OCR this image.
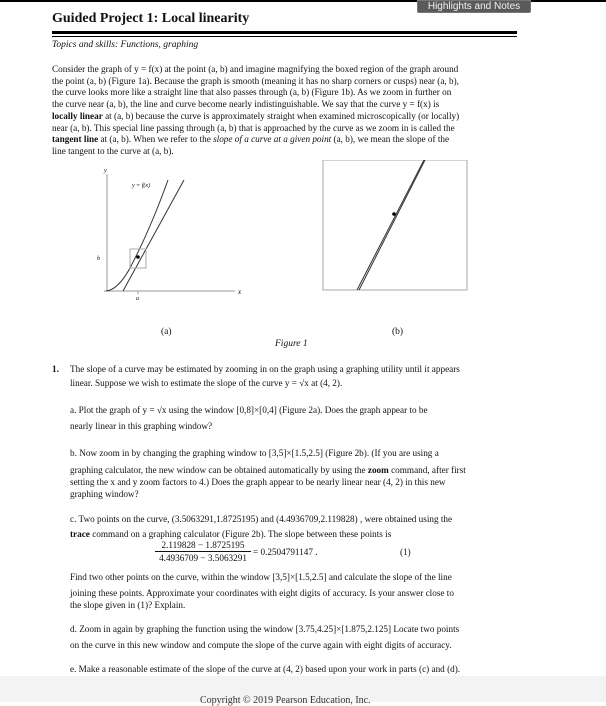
Highlights and Notes
Guided Project 1: Local linearity
Topics and skills: Functions, graphing
Consider the graph of y = f(x) at the point (a, b) and imagine magnifying the boxed region of the graph around
the point (a, b) (Figure 1a). Because the graph is smooth (meaning it has no sharp corners or cusps) near (a, b),
the curve looks more like a straight line that also passes through (a, b) (Figure 1b). As we zoom in further on
the curve near (a, b), the line and curve become nearly indistinguishable. We say that the curve y = f(x) is
locally linear at (a, b) because the curve is approximately straight when examined microscopically (or locally)
near (a, b). This special line passing through (a, b) that is approached by the curve as we zoom in is called the
tangent line at (a, b). When we refer to the slope of a curve at a given point (a, b), we mean the slope of the
line tangent to the curve at (a, b).
y
x
y = f(x)
b
a
(a)	(b)
Figure 1
1. The slope of a curve may be estimated by zooming in on the graph using a graphing utility until it appears
linear. Suppose we wish to estimate the slope of the curve y = √x at (4, 2).
a. Plot the graph of y = √x using the window [0,8]×[0,4] (Figure 2a). Does the graph appear to be
nearly linear in this graphing window?
b. Now zoom in by changing the graphing window to [3,5]×[1.5,2.5] (Figure 2b). (If you are using a
graphing calculator, the new window can be obtained automatically by using the zoom command, after first
setting the x and y zoom factors to 4.) Does the graph appear to be nearly linear near (4, 2) in this new
graphing window?
c. Two points on the curve, (3.5063291,1.8725195) and (4.4936709,2.119828) , were obtained using the
trace command on a graphing calculator (Figure 2b). The slope between these points is
$\frac{2.119828 - 1.8725195}{4.4936709 - 3.5063291} = 0.2504791147$ .	(1)
Find two other points on the curve, within the window [3,5]×[1.5,2.5] and calculate the slope of the line
joining these points. Approximate your coordinates with eight digits of accuracy. Is your answer close to
the slope given in (1)? Explain.
d. Zoom in again by graphing the function using the window [3.75,4.25]×[1.875,2.125] Locate two points
on the curve in this new window and compute the slope of the curve again with eight digits of accuracy.
e. Make a reasonable estimate of the slope of the curve at (4, 2) based upon your work in parts (c) and (d).
Copyright © 2019 Pearson Education, Inc.
